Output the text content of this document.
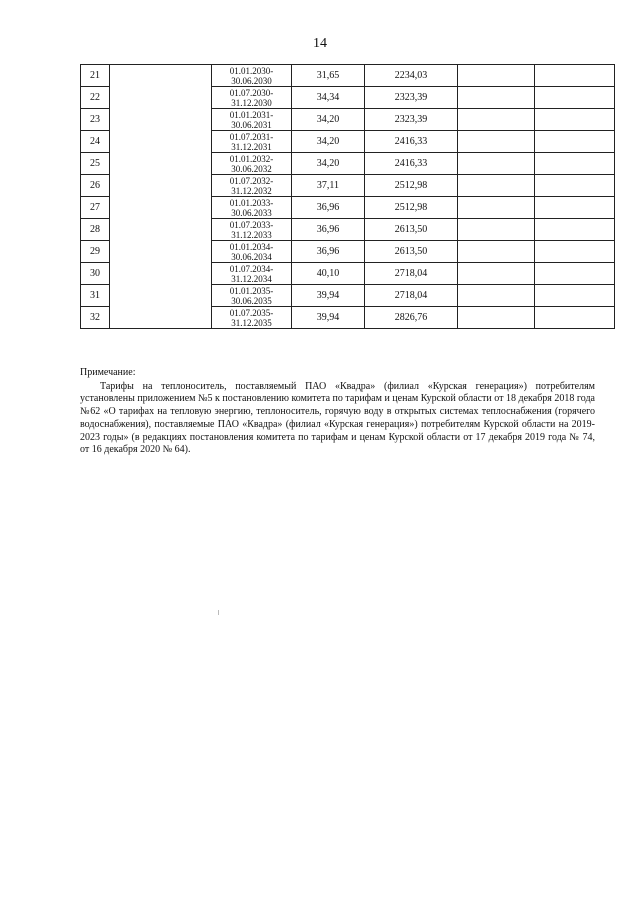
14
21		01.01.2030-
30.06.2030	31,65	2234,03		
22		01.07.2030-
31.12.2030	34,34	2323,39		
23		01.01.2031-
30.06.2031	34,20	2323,39		
24		01.07.2031-
31.12.2031	34,20	2416,33		
25		01.01.2032-
30.06.2032	34,20	2416,33		
26		01.07.2032-
31.12.2032	37,11	2512,98		
27		01.01.2033-
30.06.2033	36,96	2512,98		
28		01.07.2033-
31.12.2033	36,96	2613,50		
29		01.01.2034-
30.06.2034	36,96	2613,50		
30		01.07.2034-
31.12.2034	40,10	2718,04		
31		01.01.2035-
30.06.2035	39,94	2718,04		
32		01.07.2035-
31.12.2035	39,94	2826,76		
Примечание:

Тарифы на теплоноситель, поставляемый ПАО «Квадра» (филиал «Курская генерация») потребителям установлены приложением №5 к постановлению комитета по тарифам и ценам Курской области от 18 декабря 2018 года №62 «О тарифах на тепловую энергию, теплоноситель, горячую воду в открытых системах теплоснабжения (горячего водоснабжения), поставляемые ПАО «Квадра» (филиал «Курская генерация») потребителям Курской области на 2019-2023 годы» (в редакциях постановления комитета по тарифам и ценам Курской области от 17 декабря 2019 года № 74, от 16 декабря 2020 № 64).
